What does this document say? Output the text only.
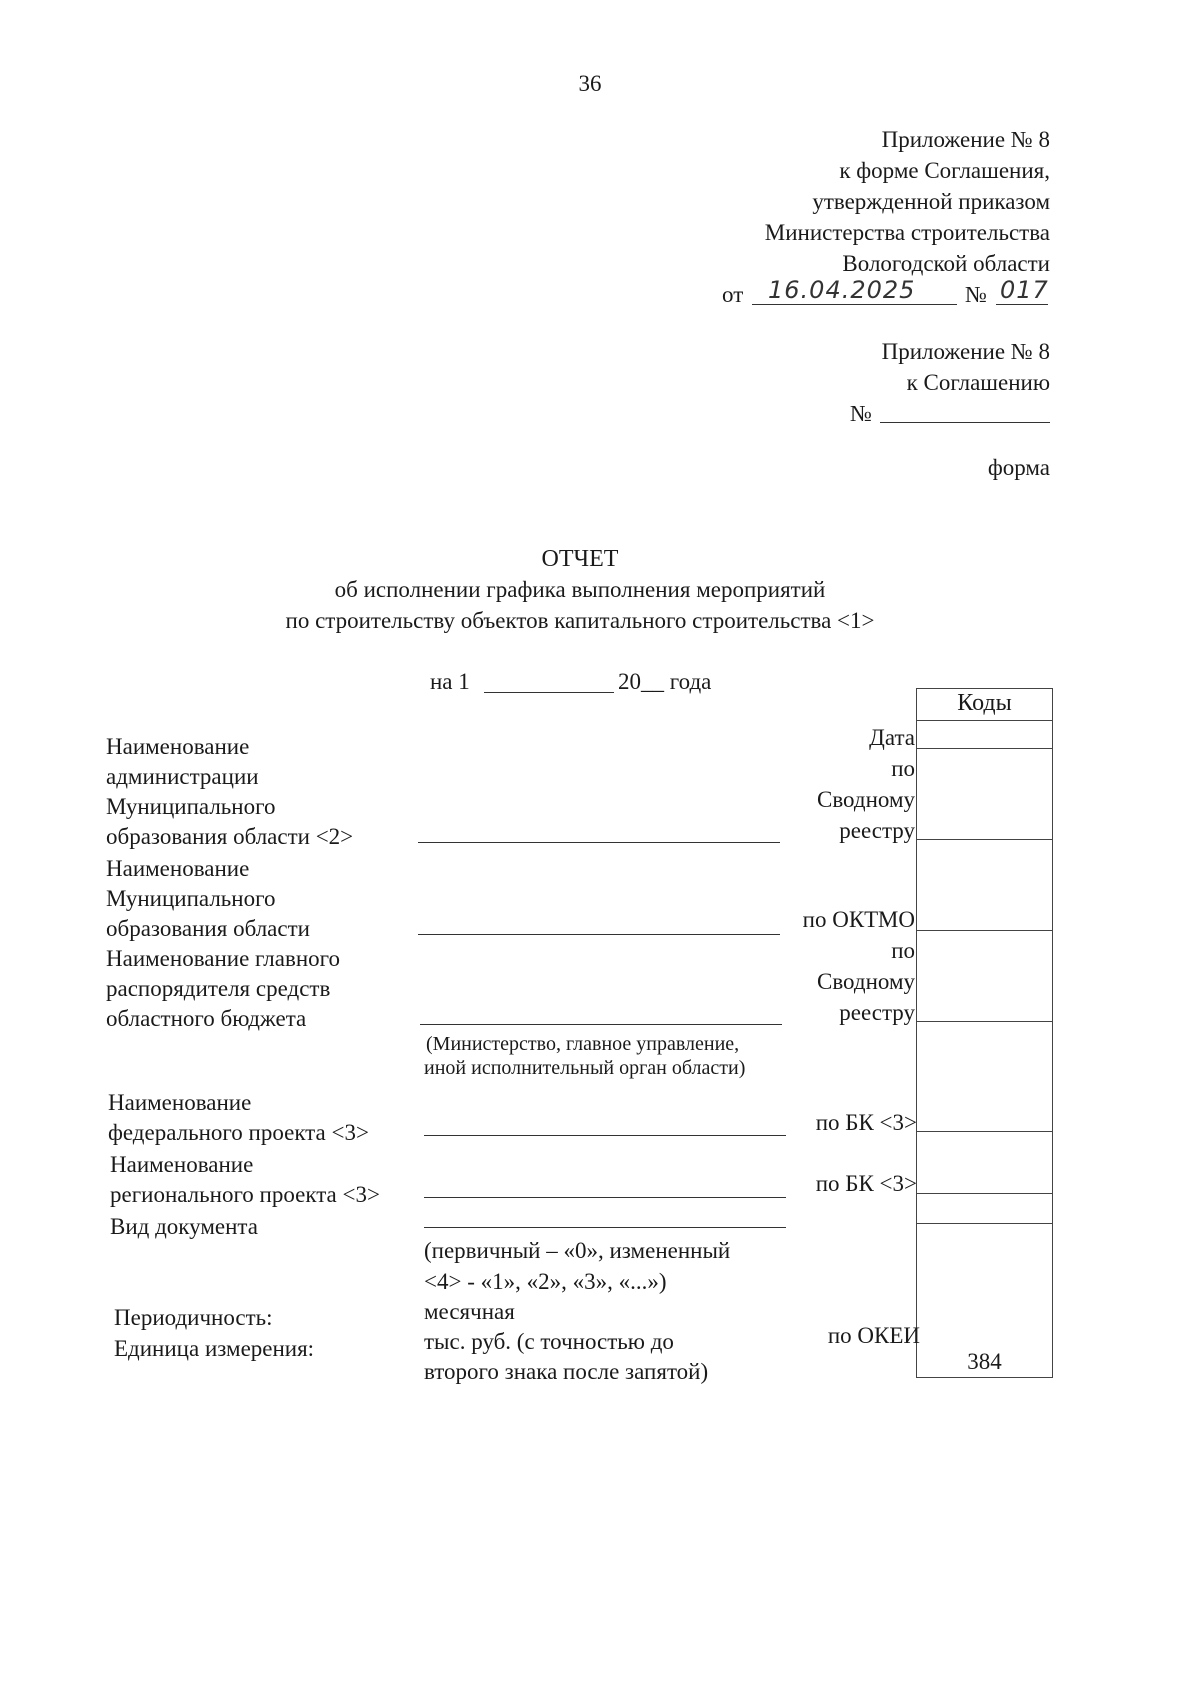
36
Приложение № 8
к форме Соглашения,
утвержденной приказом
Министерства строительства
Вологодской области
от 16.04.2025 № 017
Приложение № 8
к Соглашению
№
форма
ОТЧЕТ
об исполнении графика выполнения мероприятий
по строительству объектов капитального строительства <1>
на 1	20__ года
Коды
384
Наименование
администрации
Муниципального
образования области <2>
Наименование
Муниципального
образования области
Наименование главного
распорядителя средств
областного бюджета
Наименование
федерального проекта <3>
Наименование
регионального проекта <3>
Вид документа
Периодичность:
Единица измерения:
(Министерство, главное управление,
иной исполнительный орган области)
(первичный – «0», измененный
<4> - «1», «2», «3», «...»)
месячная
тыс. руб. (с точностью до
второго знака после запятой)
Дата
по
Сводному
реестру
по ОКТМО
по
Сводному
реестру
по БК <3>
по БК <3>
по ОКЕИ
